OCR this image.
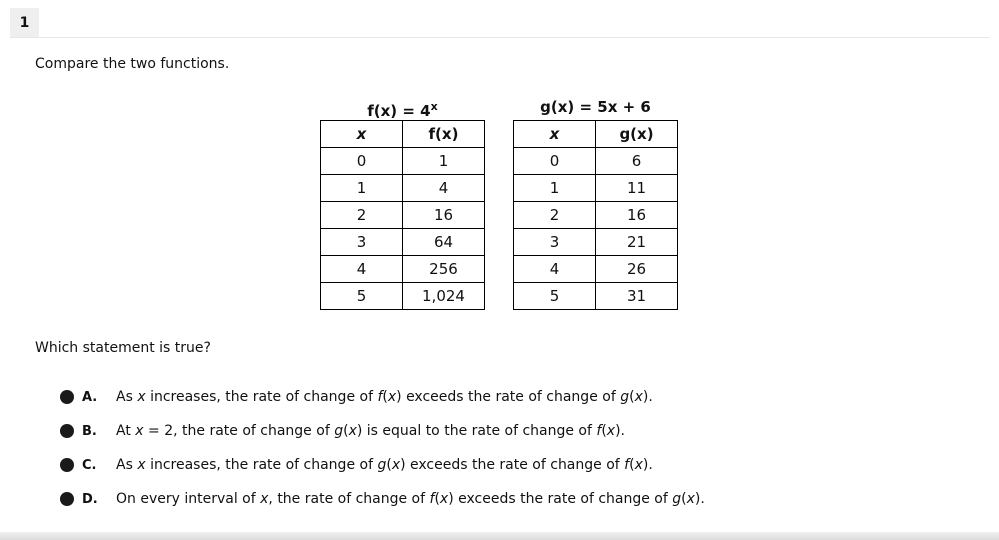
1
Compare the two functions.
$f(x) = 4^x$
x	f(x)
0	1
1	4
2	16
3	64
4	256
5	1,024
g(x) = 5x + 6
x	g(x)
0	6
1	11
2	16
3	21
4	26
5	31
Which statement is true?
A.	As x increases, the rate of change of f(x) exceeds the rate of change of g(x).
B.	At x = 2, the rate of change of g(x) is equal to the rate of change of f(x).
C.	As x increases, the rate of change of g(x) exceeds the rate of change of f(x).
D.	On every interval of x, the rate of change of f(x) exceeds the rate of change of g(x).
